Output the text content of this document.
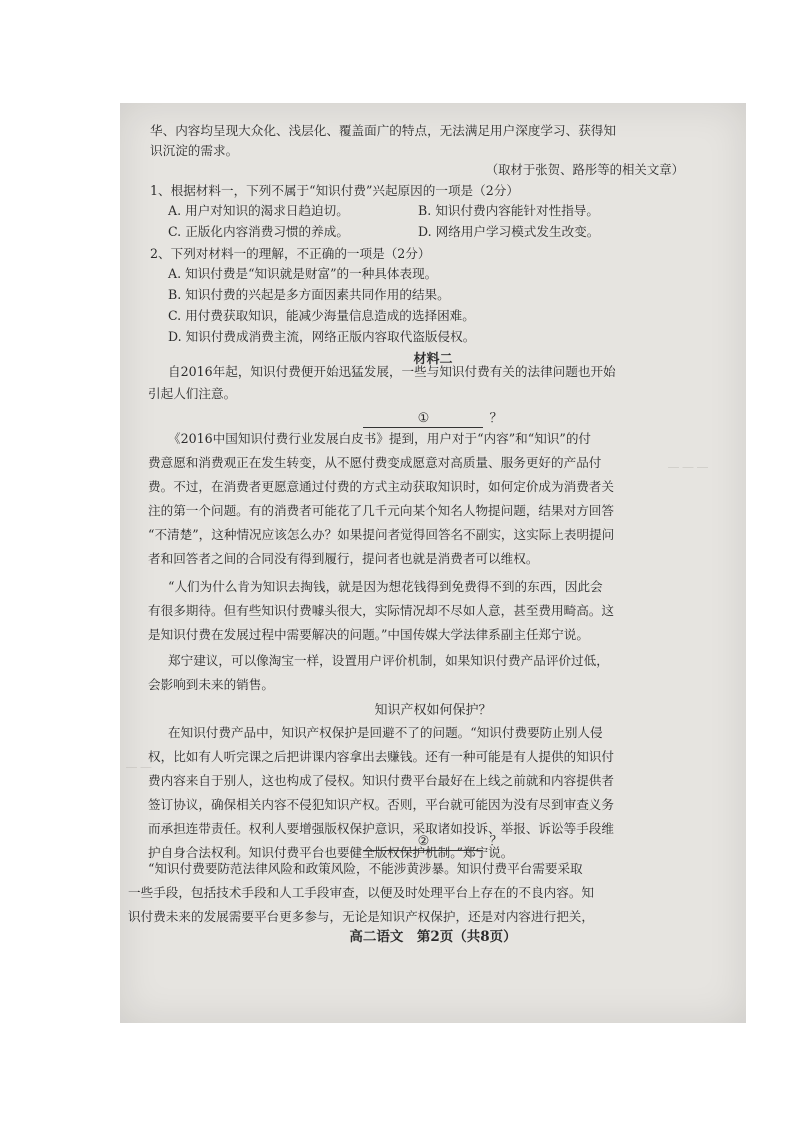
＿ ＿ ＿
＿ ＿
华、内容均呈现大众化、浅层化、覆盖面广的特点，无法满足用户深度学习、获得知
识沉淀的需求。
（取材于张贺、路彤等的相关文章）
1、根据材料一，下列不属于“知识付费”兴起原因的一项是（2分）
A. 用户对知识的渴求日趋迫切。	B. 知识付费内容能针对性指导。
C. 正版化内容消费习惯的养成。	D. 网络用户学习模式发生改变。
2、下列对材料一的理解，不正确的一项是（2分）
A. 知识付费是“知识就是财富”的一种具体表现。
B. 知识付费的兴起是多方面因素共同作用的结果。
C. 用付费获取知识，能减少海量信息造成的选择困难。
D. 知识付费成消费主流，网络正版内容取代盗版侵权。
材料二
自2016年起，知识付费便开始迅猛发展，一些与知识付费有关的法律问题也开始
引起人们注意。
①	？
《2016中国知识付费行业发展白皮书》提到，用户对于“内容”和“知识”的付
费意愿和消费观正在发生转变，从不愿付费变成愿意对高质量、服务更好的产品付
费。不过，在消费者更愿意通过付费的方式主动获取知识时，如何定价成为消费者关
注的第一个问题。有的消费者可能花了几千元向某个知名人物提问题，结果对方回答
“不清楚”，这种情况应该怎么办？如果提问者觉得回答名不副实，这实际上表明提问
者和回答者之间的合同没有得到履行，提问者也就是消费者可以维权。
“人们为什么肯为知识去掏钱，就是因为想花钱得到免费得不到的东西，因此会
有很多期待。但有些知识付费噱头很大，实际情况却不尽如人意，甚至费用畸高。这
是知识付费在发展过程中需要解决的问题。”中国传媒大学法律系副主任郑宁说。
郑宁建议，可以像淘宝一样，设置用户评价机制，如果知识付费产品评价过低，
会影响到未来的销售。
知识产权如何保护？
在知识付费产品中，知识产权保护是回避不了的问题。“知识付费要防止别人侵
权，比如有人听完课之后把讲课内容拿出去赚钱。还有一种可能是有人提供的知识付
费内容来自于别人，这也构成了侵权。知识付费平台最好在上线之前就和内容提供者
签订协议，确保相关内容不侵犯知识产权。否则，平台就可能因为没有尽到审查义务
而承担连带责任。权利人要增强版权保护意识，采取诸如投诉、举报、诉讼等手段维
护自身合法权利。知识付费平台也要健全版权保护机制。”郑宁说。
②	？
“知识付费要防范法律风险和政策风险，不能涉黄涉暴。知识付费平台需要采取
一些手段，包括技术手段和人工手段审查，以便及时处理平台上存在的不良内容。知
识付费未来的发展需要平台更多参与，无论是知识产权保护，还是对内容进行把关，
高二语文　第2页（共8页）
